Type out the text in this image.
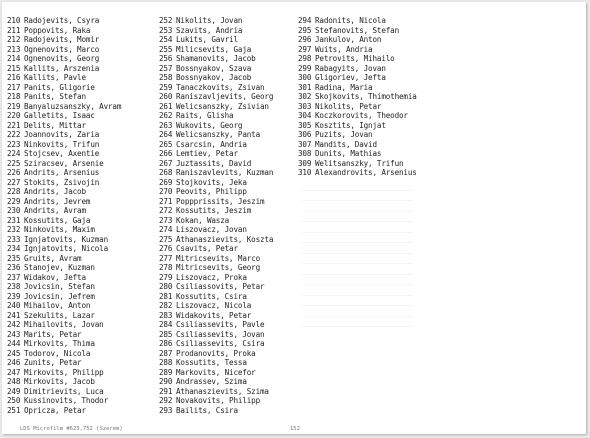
210 Radojevits, Csyra
211 Poppovits, Raka
212 Radojevits, Momir
213 Ognenovits, Marco
214 Ognenovits, Georg
215 Kallits, Arszenia
216 Kallits, Pavle
217 Panits, Gligorie
218 Panits, Stefan
219 Banyaluzsanszky, Avram
220 Galletits, Isaac
221 Delits, Mittar
222 Joannovits, Zaria
223 Ninkovits, Trifun
224 Stojcsev, Axentie
225 Sziracsev, Arsenie
226 Andrits, Arsenius
227 Stokits, Zsivojin
228 Andrits, Jacob
229 Andrits, Jevrem
230 Andrits, Avram
231 Kossutits, Gaja
232 Ninkovits, Maxim
233 Ignjatovits, Kuzman
234 Ignjatovits, Nicola
235 Gruits, Avram
236 Stanojev, Kuzman
237 Widakov, Jefta
238 Jovicsin, Stefan
239 Jovicsin, Jefrem
240 Mihailov, Anton
241 Szekulits, Lazar
242 Mihailovits, Jovan
243 Marits, Petar
244 Mirkovits, Thima
245 Todorov, Nicola
246 Zunits, Petar
247 Mirkovits, Philipp
248 Mirkovits, Jacob
249 Dimitrievits, Luca
250 Kussinovits, Thodor
251 Opricza, Petar
252 Nikolits, Jovan
253 Szavits, Andria
254 Lukits, Gavril
255 Milicsevits, Gaja
256 Shamanovits, Jacob
257 Bossnyakov, Szava
258 Bossnyakov, Jacob
259 Tanaczkovits, Zsivan
260 Raniszavljevits, Georg
261 Welicsanszky, Zsivian
262 Raits, Glisha
263 Wukovits, Georg
264 Welicsanszky, Panta
265 Csarcsin, Andria
266 Lemtiev, Petar
267 Juztassits, David
268 Raniszavlevits, Kuzman
269 Stojkovits, Jeka
270 Peovits, Philipp
271 Poppprissits, Jeszim
272 Kossutits, Jeszim
273 Kokan, Wasza
274 Liszovacz, Jovan
275 Athanaszievits, Koszta
276 Csavits, Petar
277 Mitricsevits, Marco
278 Mitricsevits, Georg
279 Liszovacz, Proka
280 Csiliassovits, Petar
281 Kossutits, Csira
282 Liszovacz, Nicola
283 Widakovits, Petar
284 Csiliassevits, Pavle
285 Csiliassevits, Jovan
286 Csiliassevits, Csira
287 Prodanovits, Proka
288 Kossutits, Tessa
289 Markovits, Nicefor
290 Andrassev, Szima
291 Athanaszievits, Szima
292 Novakovits, Philipp
293 Bailits, Csira
294 Radonits, Nicola
295 Stefanovits, Stefan
296 Jankulov, Anton
297 Wuits, Andria
298 Petrovits, Mihailo
299 Rabagyits, Jovan
300 Gligoriev, Jefta
301 Radina, Maria
302 Skojkovits, Thimothemia
303 Nikolits, Petar
304 Koczkorovits, Theodor
305 Kosztits, Ignjat
306 Puzits, Jovan
307 Mandits, David
308 Dunits, Mathias
309 Welitsanszky, Trifun
310 Alexandrovits, Arsenius
LDS Microfilm #623,752 (Szerem)	152
